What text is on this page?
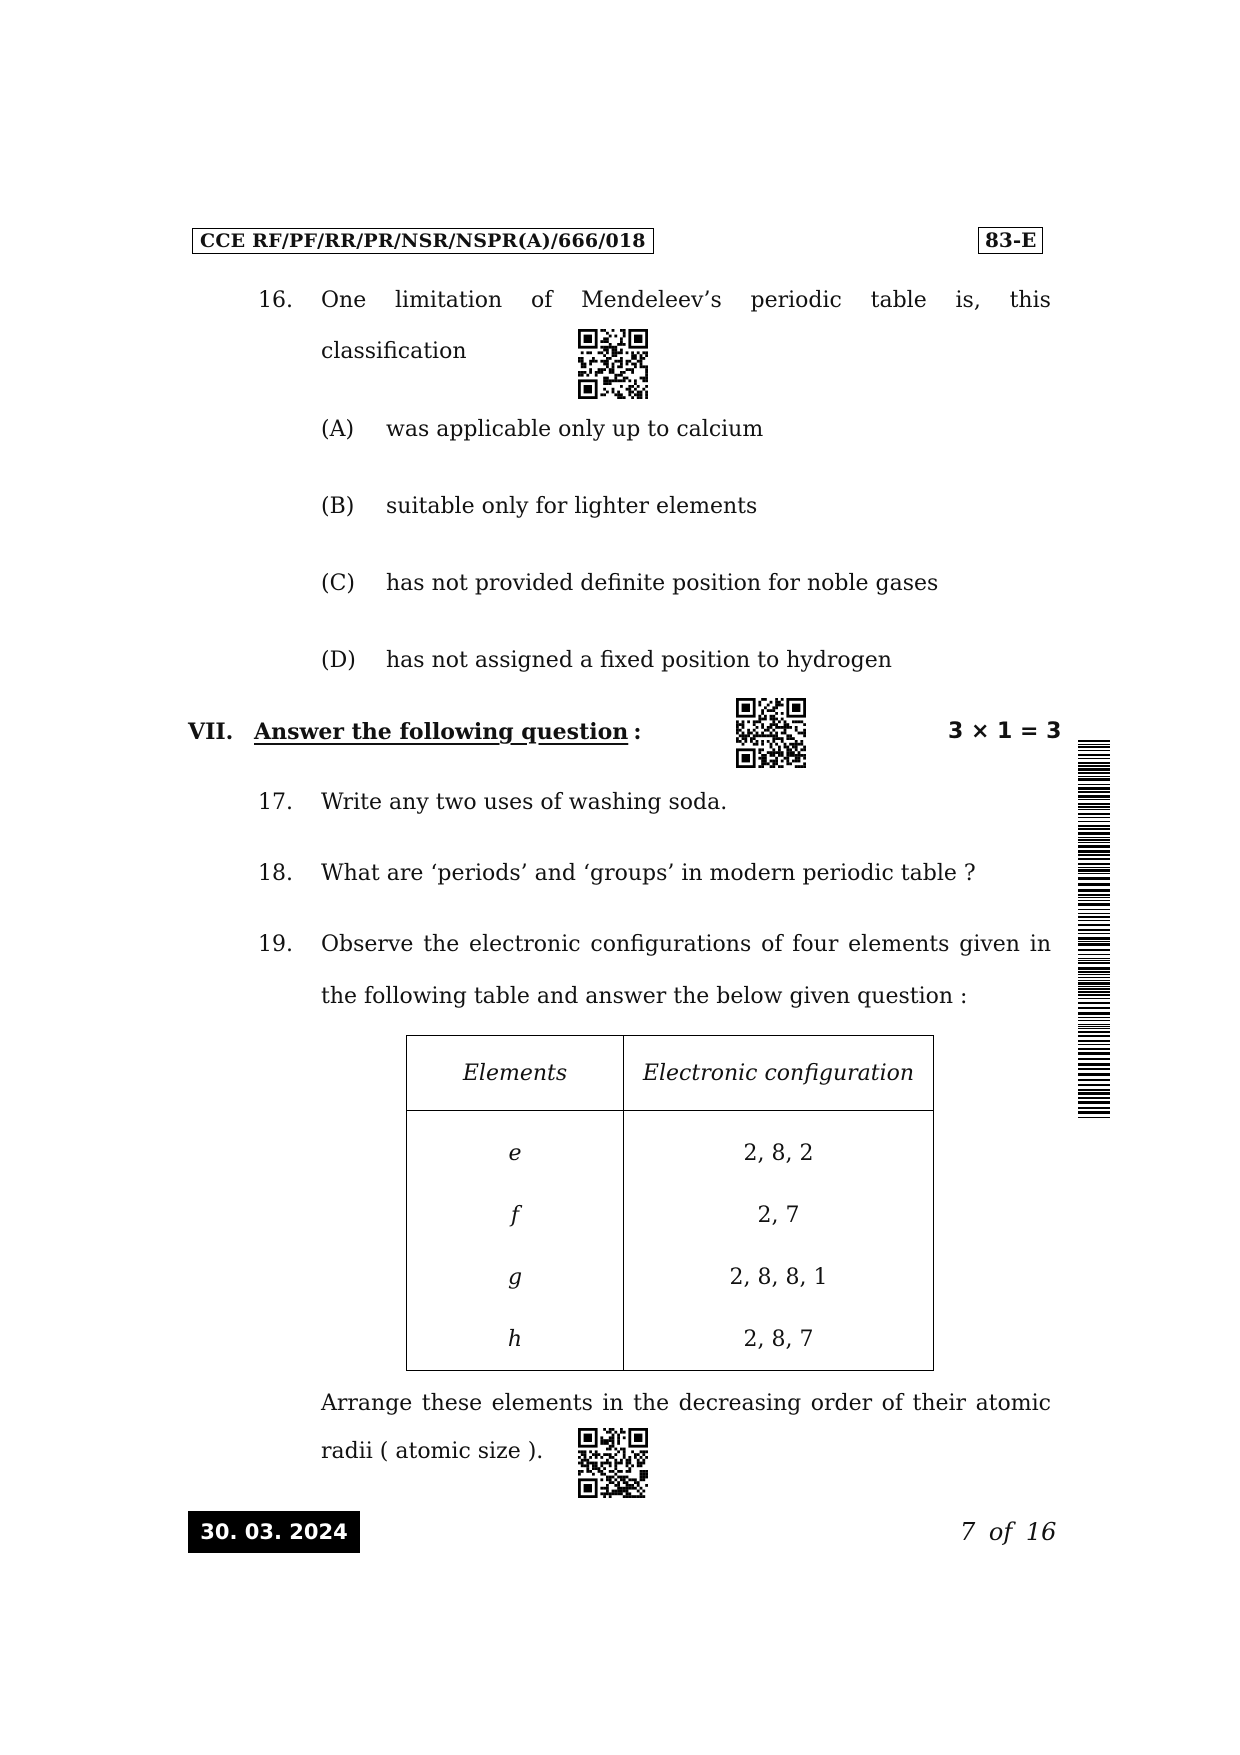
CCE RF/PF/RR/PR/NSR/NSPR(A)/666/018	83-E
16. One limitation of Mendeleev’s periodic table is, this
classification
(A) was applicable only up to calcium
(B) suitable only for lighter elements
(C) has not provided definite position for noble gases
(D) has not assigned a fixed position to hydrogen
VII. Answer the following question :	3 × 1 = 3
17. Write any two uses of washing soda.
18. What are ‘periods’ and ‘groups’ in modern periodic table ?
19. Observe the electronic configurations of four elements given in
the following table and answer the below given question :
Elements	Electronic configuration
e	2, 8, 2
f	2, 7
g	2, 8, 8, 1
h	2, 8, 7
Arrange these elements in the decreasing order of their atomic
radii ( atomic size ).
30. 03. 2024	7 of 16
